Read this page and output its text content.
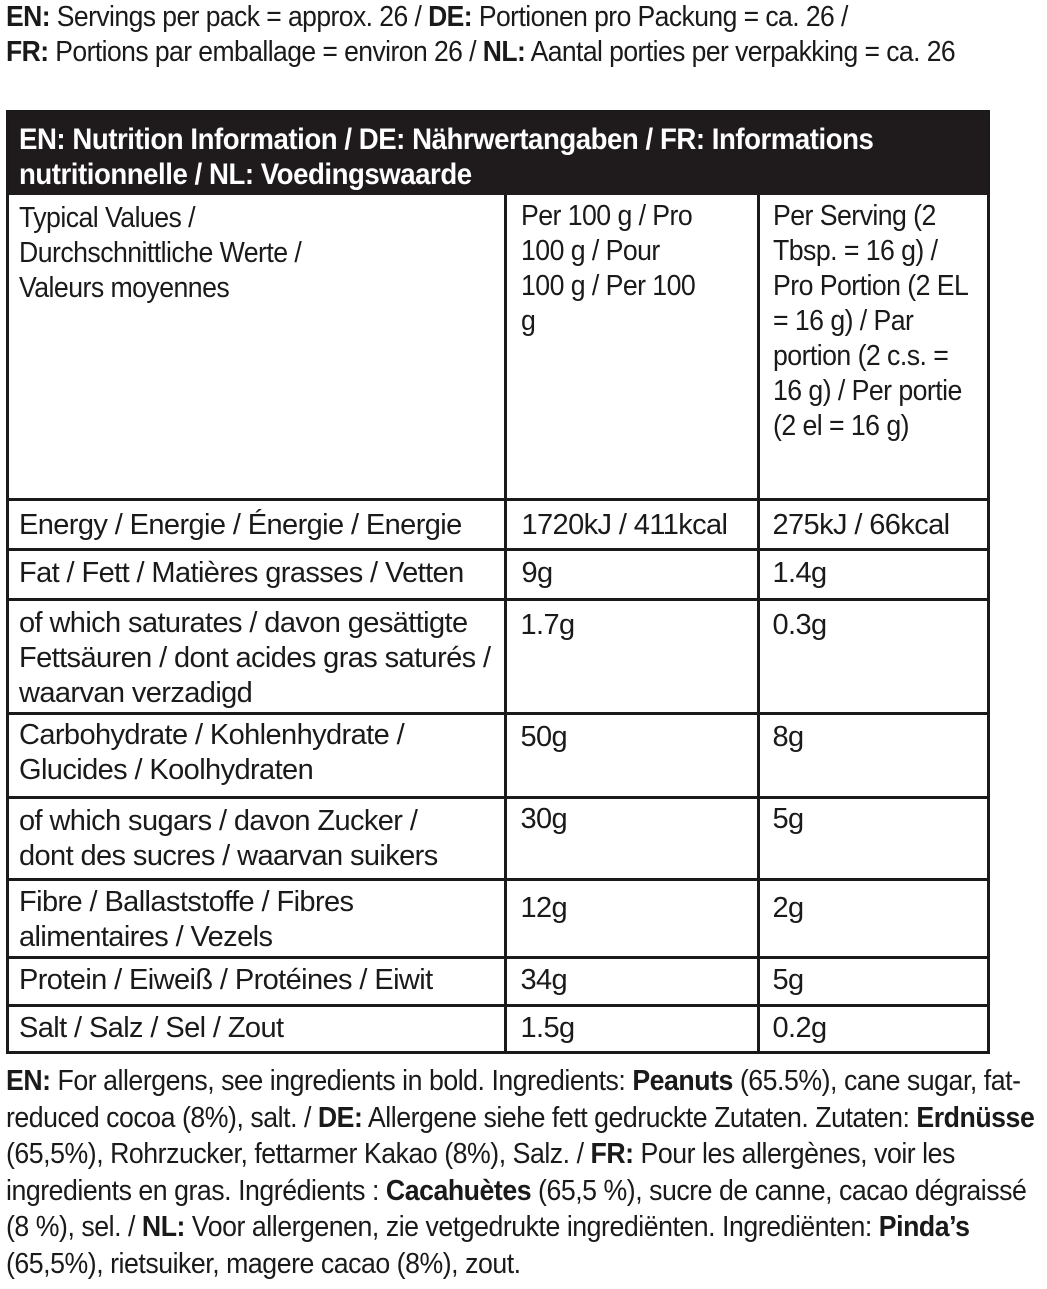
EN: Servings per pack = approx. 26 / DE: Portionen pro Packung = ca. 26 /
FR: Portions par emballage = environ 26 / NL: Aantal porties per verpakking = ca. 26
EN: Nutrition Information / DE: Nährwertangaben / FR: Informations nutritionnelle / NL: Voedingswaarde
Typical Values / Durchschnittliche Werte / Valeurs moyennes	Per 100 g / Pro 100 g / Pour 100 g / Per 100 g	Per Serving (2 Tbsp. = 16 g) / Pro Portion (2 EL = 16 g) / Par portion (2 c.s. = 16 g) / Per portie (2 el = 16 g)
Energy / Energie / Énergie / Energie	1720kJ / 411kcal	275kJ / 66kcal
Fat / Fett / Matières grasses / Vetten	9g	1.4g
of which saturates / davon gesättigte Fettsäuren / dont acides gras saturés / waarvan verzadigd	1.7g	0.3g
Carbohydrate / Kohlenhydrate / Glucides / Koolhydraten	50g	8g
of which sugars / davon Zucker / dont des sucres / waarvan suikers	30g	5g
Fibre / Ballaststoffe / Fibres alimentaires / Vezels	12g	2g
Protein / Eiweiß / Protéines / Eiwit	34g	5g
Salt / Salz / Sel / Zout	1.5g	0.2g
EN: For allergens, see ingredients in bold. Ingredients: Peanuts (65.5%), cane sugar, fat-reduced cocoa (8%), salt. / DE: Allergene siehe fett gedruckte Zutaten. Zutaten: Erdnüsse (65,5%), Rohrzucker, fettarmer Kakao (8%), Salz. / FR: Pour les allergènes, voir les ingredients en gras. Ingrédients : Cacahuètes (65,5 %), sucre de canne, cacao dégraissé (8 %), sel. / NL: Voor allergenen, zie vetgedrukte ingrediënten. Ingrediënten: Pinda’s (65,5%), rietsuiker, magere cacao (8%), zout.
